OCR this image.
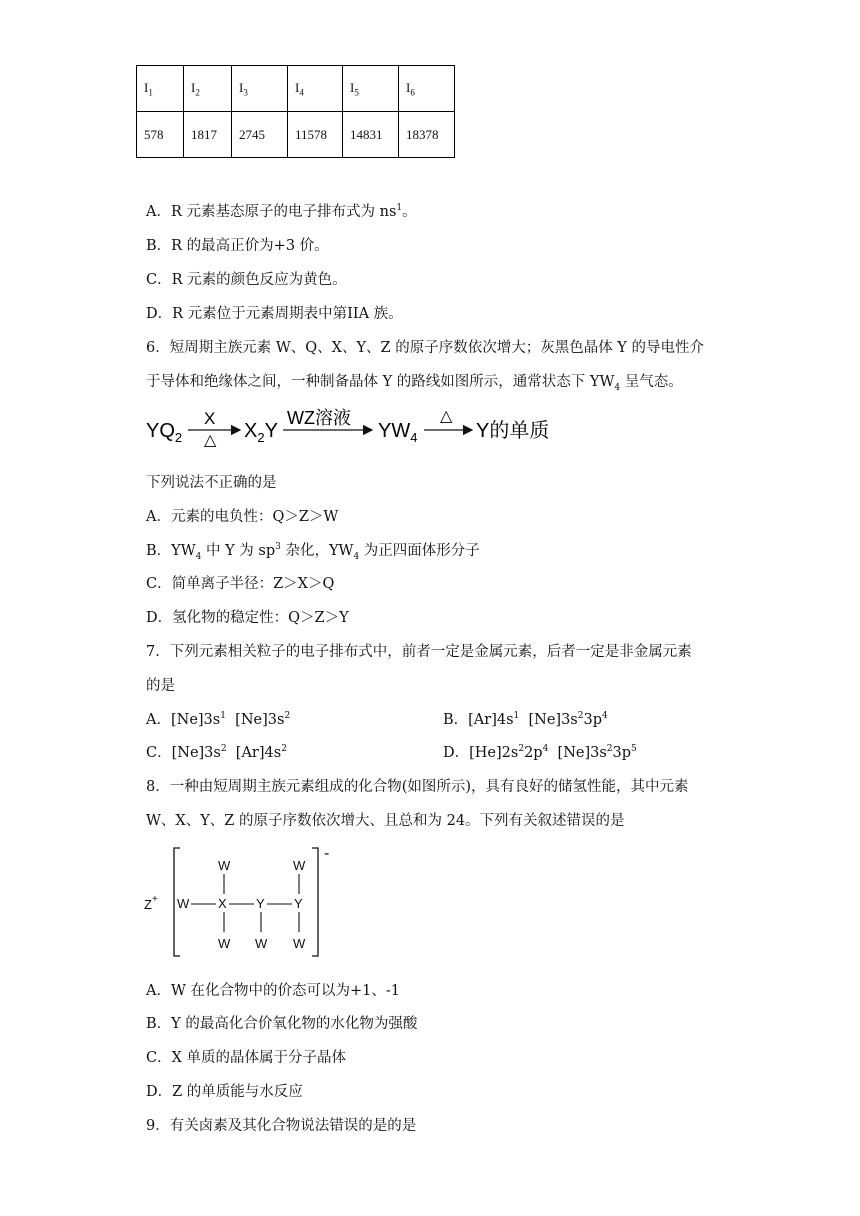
$I_1$	$I_2$	$I_3$	$I_4$	$I_5$	$I_6$
578	1817	2745	11578	14831	18378
A．R 元素基态原子的电子排布式为 $ns^1$。
B．R 的最高正价为+3 价。
C．R 元素的颜色反应为黄色。
D．R 元素位于元素周期表中第IIA 族。
6．短周期主族元素 W、Q、X、Y、Z 的原子序数依次增大；灰黑色晶体 Y 的导电性介
于导体和绝缘体之间，一种制备晶体 Y 的路线如图所示，通常状态下 $YW_4$ 呈气态。
$YQ_2$
X
△ $X_2Y$
WZ溶液
$YW_4$
△
Y的单质
下列说法不正确的是
A．元素的电负性：Q＞Z＞W
B．$YW_4$ 中 Y 为 $sp^3$ 杂化，$YW_4$ 为正四面体形分子
C．简单离子半径：Z＞X＞Q
D．氢化物的稳定性：Q＞Z＞Y
7．下列元素相关粒子的电子排布式中，前者一定是金属元素，后者一定是非金属元素
的是
A．$[Ne]3s^1$  $[Ne]3s^2$	B．$[Ar]4s^1$  $[Ne]3s^23p^4$
C．$[Ne]3s^2$  $[Ar]4s^2$	D．$[He]2s^22p^4$  $[Ne]3s^23p^5$
8．一种由短周期主族元素组成的化合物(如图所示)，具有良好的储氢性能，其中元素
W、X、Y、Z 的原子序数依次增大、且总和为 24。下列有关叙述错误的是
Z+
-
W X Y Y
W
W W
W
W
A．W 在化合物中的价态可以为+1、-1
B．Y 的最高化合价氧化物的水化物为强酸
C．X 单质的晶体属于分子晶体
D．Z 的单质能与水反应
9．有关卤素及其化合物说法错误的是的是
